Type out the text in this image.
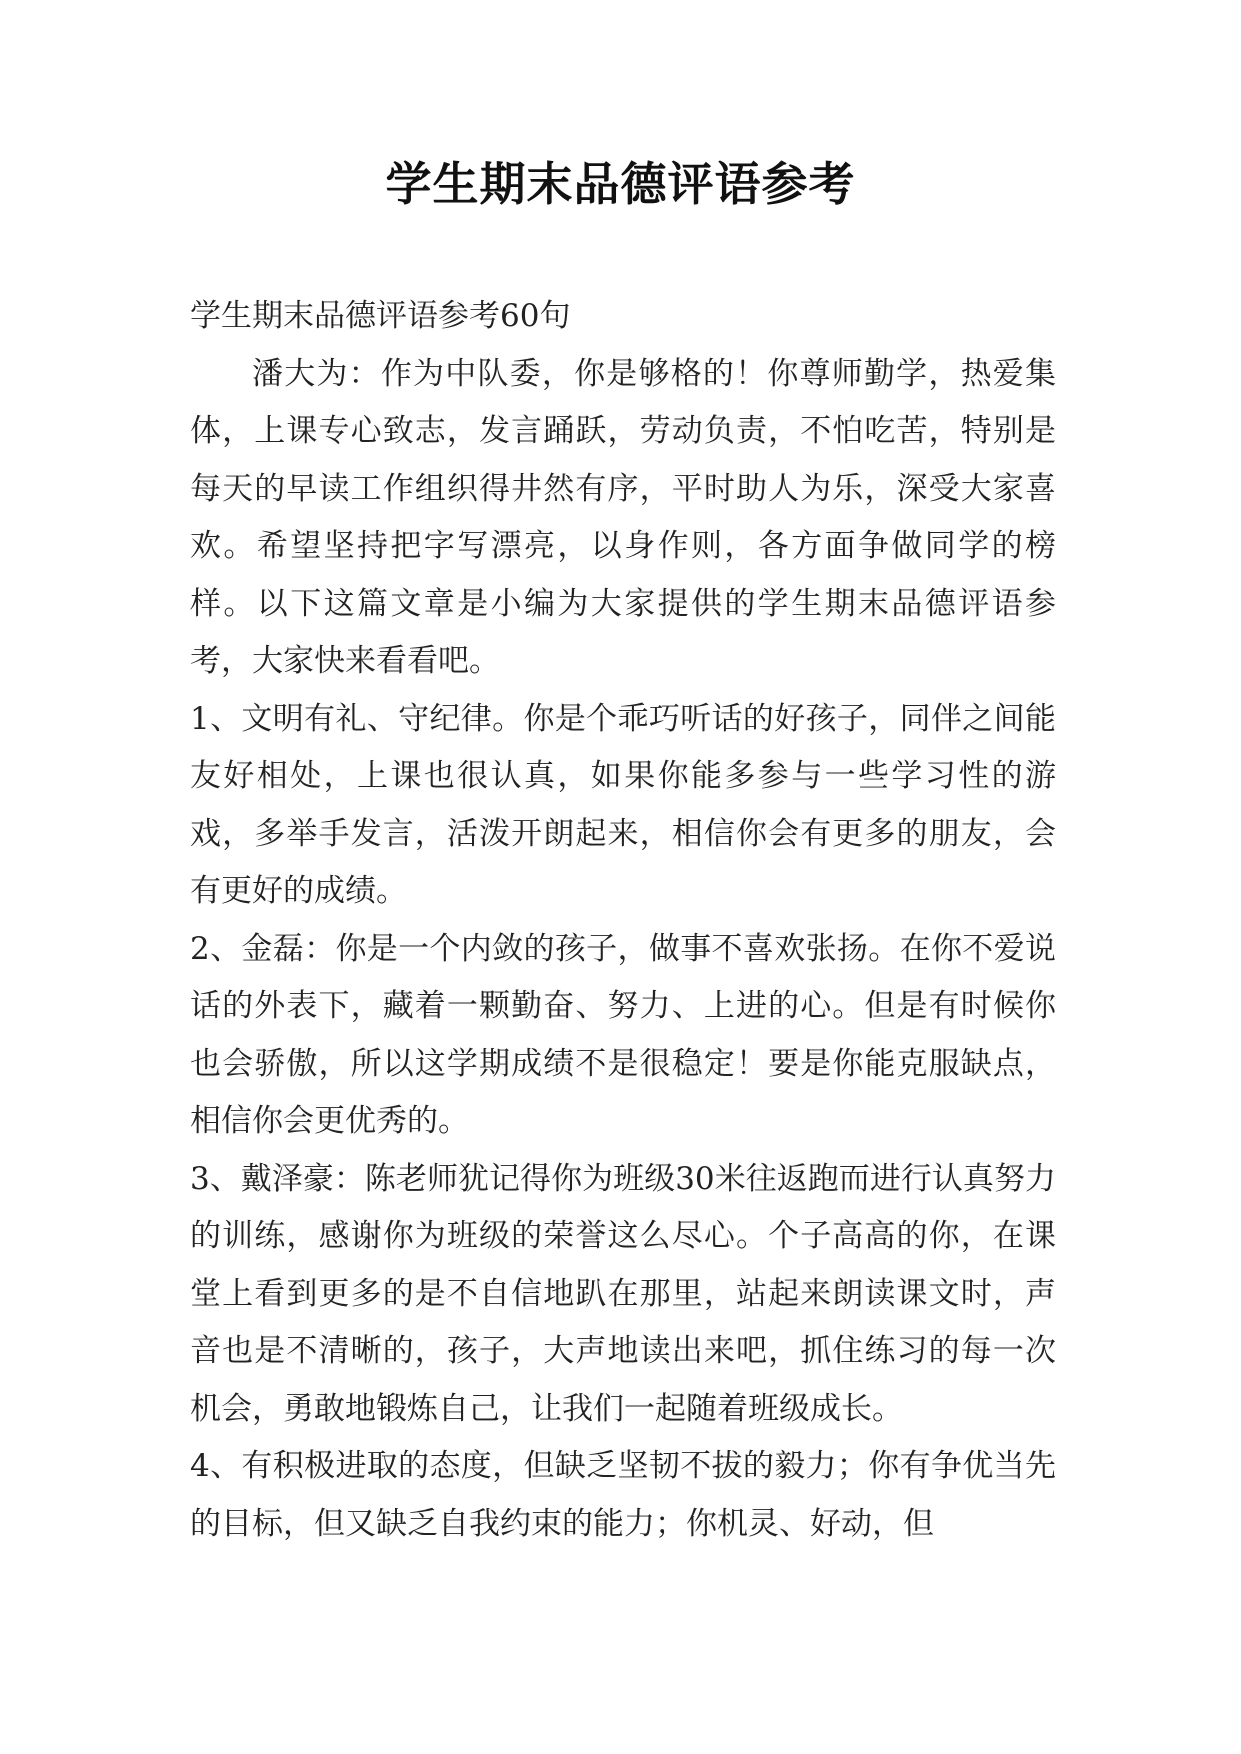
学生期末品德评语参考

学生期末品德评语参考60句

潘大为：作为中队委，你是够格的！你尊师勤学，热爱集体，上课专心致志，发言踊跃，劳动负责，不怕吃苦，特别是每天的早读工作组织得井然有序，平时助人为乐，深受大家喜欢。希望坚持把字写漂亮，以身作则，各方面争做同学的榜样。以下这篇文章是小编为大家提供的学生期末品德评语参考，大家快来看看吧。

1、文明有礼、守纪律。你是个乖巧听话的好孩子，同伴之间能友好相处，上课也很认真，如果你能多参与一些学习性的游戏，多举手发言，活泼开朗起来，相信你会有更多的朋友，会有更好的成绩。

2、金磊：你是一个内敛的孩子，做事不喜欢张扬。在你不爱说话的外表下，藏着一颗勤奋、努力、上进的心。但是有时候你也会骄傲，所以这学期成绩不是很稳定！要是你能克服缺点，相信你会更优秀的。

3、戴泽豪：陈老师犹记得你为班级30米往返跑而进行认真努力的训练，感谢你为班级的荣誉这么尽心。个子高高的你，在课堂上看到更多的是不自信地趴在那里，站起来朗读课文时，声音也是不清晰的，孩子，大声地读出来吧，抓住练习的每一次机会，勇敢地锻炼自己，让我们一起随着班级成长。

4、有积极进取的态度，但缺乏坚韧不拔的毅力；你有争优当先的目标，但又缺乏自我约束的能力；你机灵、好动，但
